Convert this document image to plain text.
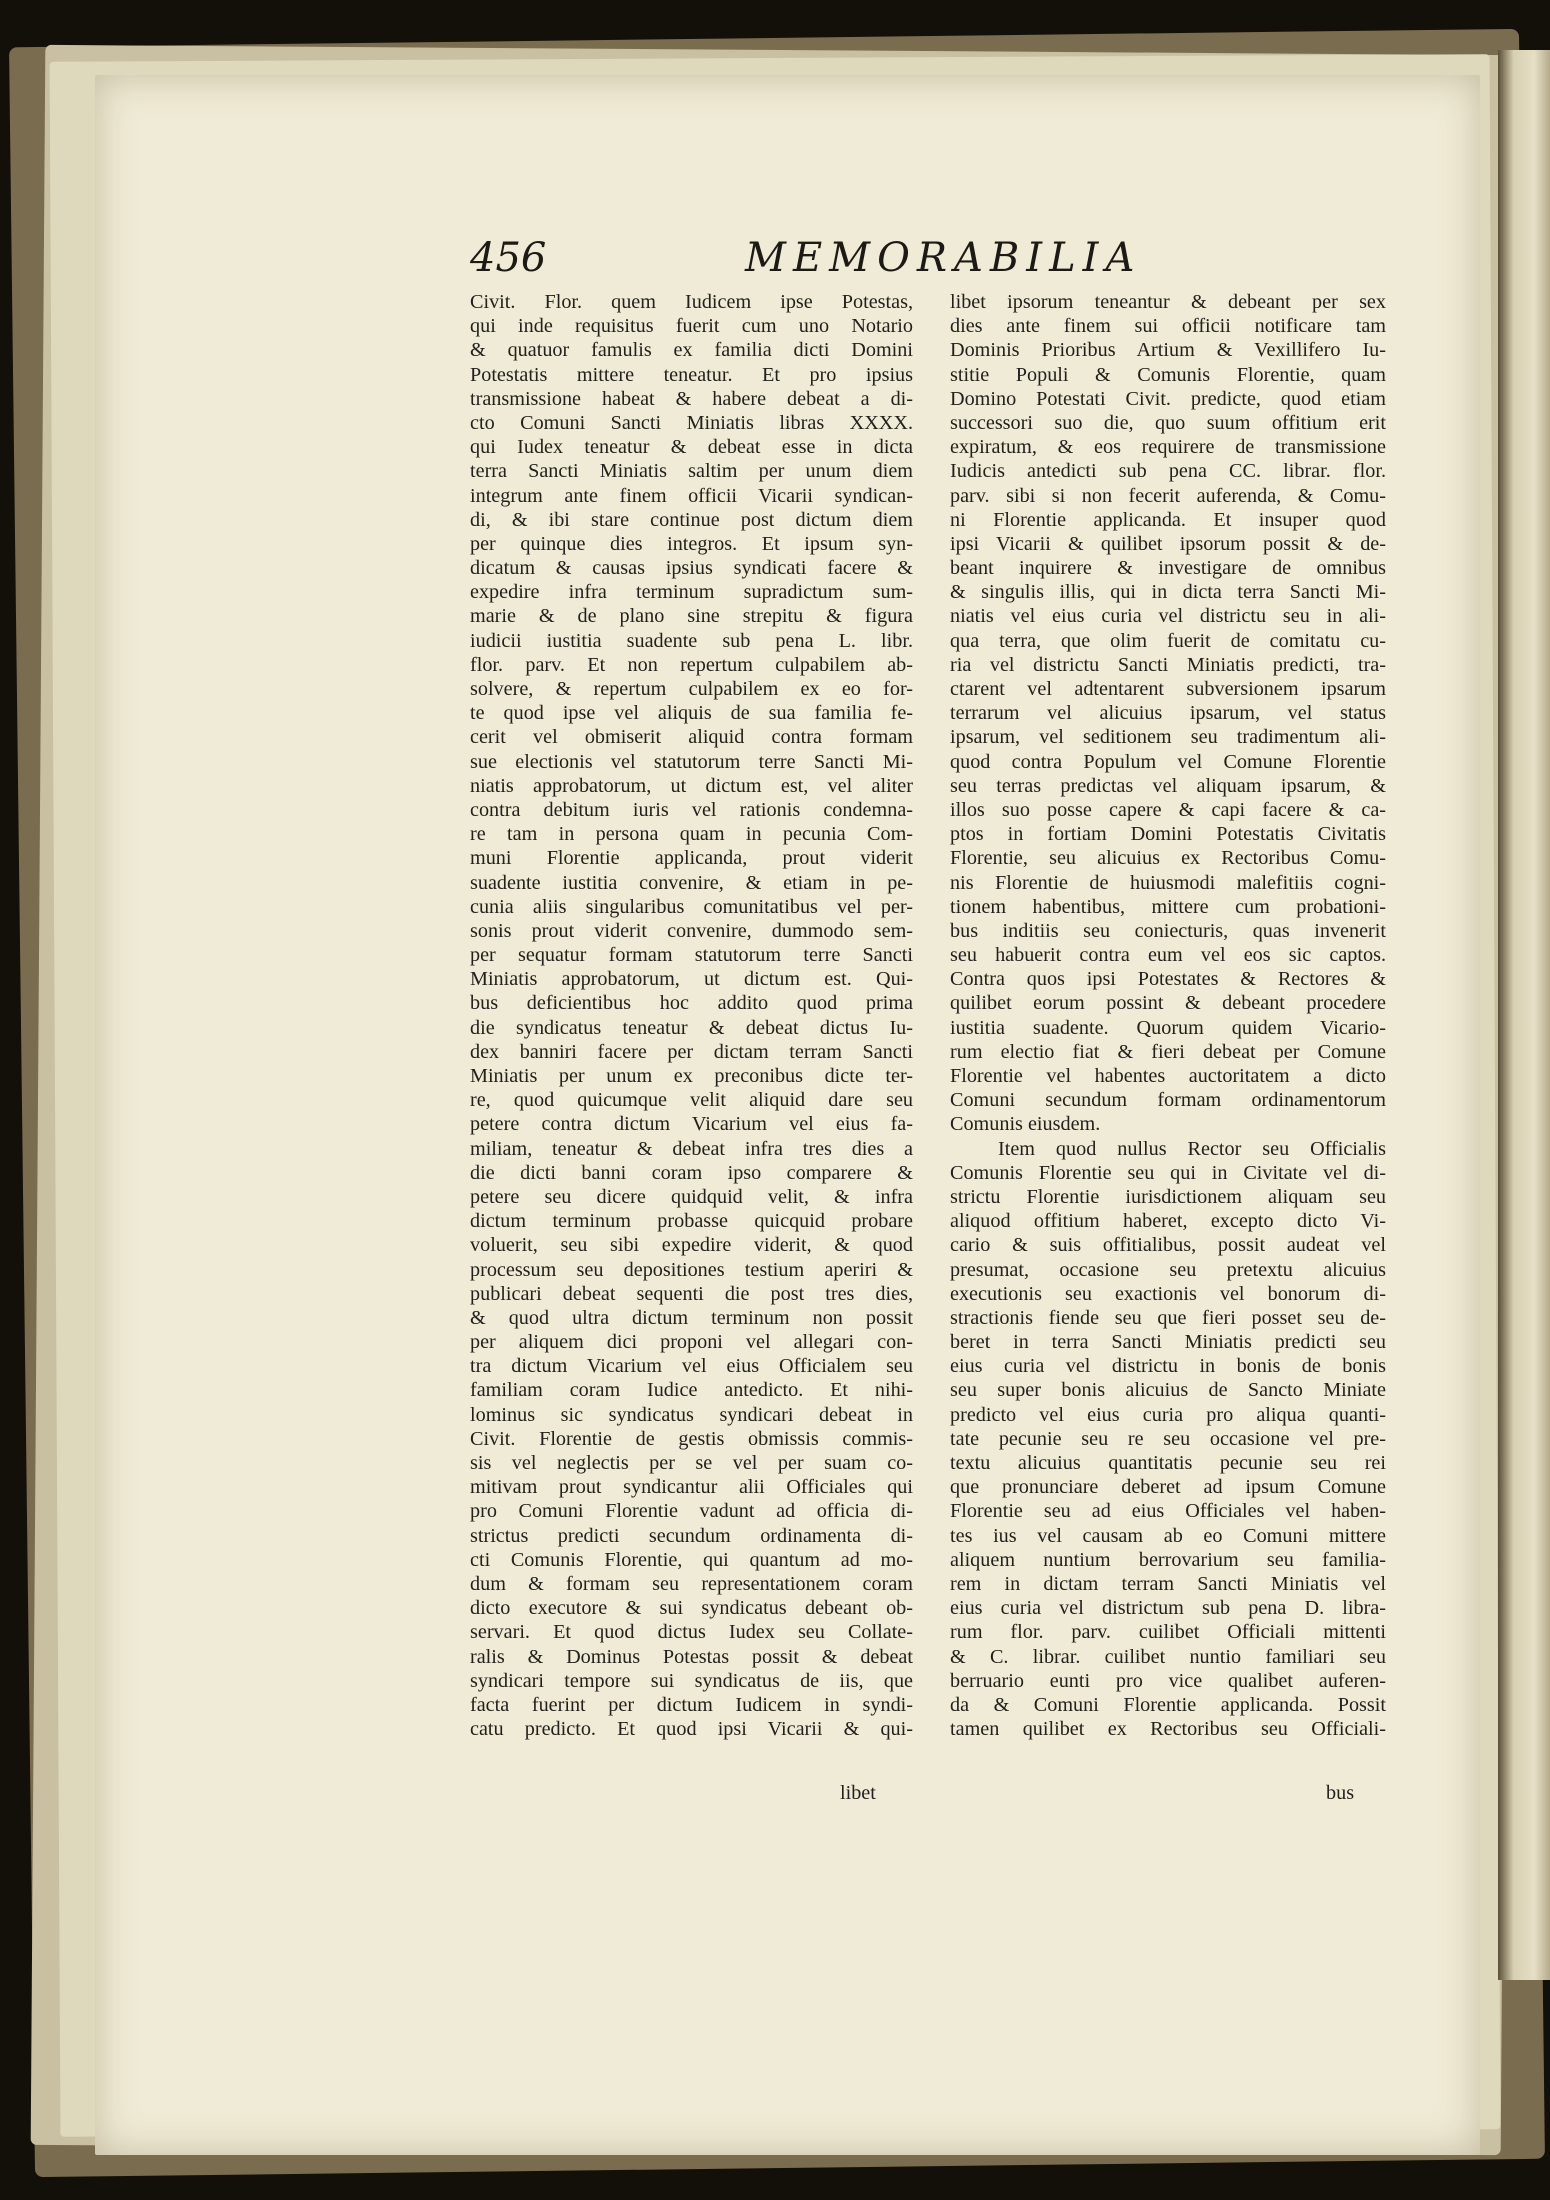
456	MEMORABILIA
Civit. Flor. quem Iudicem ipse Potestas,
qui inde requisitus fuerit cum uno Notario
& quatuor famulis ex familia dicti Domini
Potestatis mittere teneatur. Et pro ipsius
transmissione habeat & habere debeat a di-
cto Comuni Sancti Miniatis libras XXXX.
qui Iudex teneatur & debeat esse in dicta
terra Sancti Miniatis saltim per unum diem
integrum ante finem officii Vicarii syndican-
di, & ibi stare continue post dictum diem
per quinque dies integros. Et ipsum syn-
dicatum & causas ipsius syndicati facere &
expedire infra terminum supradictum sum-
marie & de plano sine strepitu & figura
iudicii iustitia suadente sub pena L. libr.
flor. parv. Et non repertum culpabilem ab-
solvere, & repertum culpabilem ex eo for-
te quod ipse vel aliquis de sua familia fe-
cerit vel obmiserit aliquid contra formam
sue electionis vel statutorum terre Sancti Mi-
niatis approbatorum, ut dictum est, vel aliter
contra debitum iuris vel rationis condemna-
re tam in persona quam in pecunia Com-
muni Florentie applicanda, prout viderit
suadente iustitia convenire, & etiam in pe-
cunia aliis singularibus comunitatibus vel per-
sonis prout viderit convenire, dummodo sem-
per sequatur formam statutorum terre Sancti
Miniatis approbatorum, ut dictum est. Qui-
bus deficientibus hoc addito quod prima
die syndicatus teneatur & debeat dictus Iu-
dex banniri facere per dictam terram Sancti
Miniatis per unum ex preconibus dicte ter-
re, quod quicumque velit aliquid dare seu
petere contra dictum Vicarium vel eius fa-
miliam, teneatur & debeat infra tres dies a
die dicti banni coram ipso comparere &
petere seu dicere quidquid velit, & infra
dictum terminum probasse quicquid probare
voluerit, seu sibi expedire viderit, & quod
processum seu depositiones testium aperiri &
publicari debeat sequenti die post tres dies,
& quod ultra dictum terminum non possit
per aliquem dici proponi vel allegari con-
tra dictum Vicarium vel eius Officialem seu
familiam coram Iudice antedicto. Et nihi-
lominus sic syndicatus syndicari debeat in
Civit. Florentie de gestis obmissis commis-
sis vel neglectis per se vel per suam co-
mitivam prout syndicantur alii Officiales qui
pro Comuni Florentie vadunt ad officia di-
strictus predicti secundum ordinamenta di-
cti Comunis Florentie, qui quantum ad mo-
dum & formam seu representationem coram
dicto executore & sui syndicatus debeant ob-
servari. Et quod dictus Iudex seu Collate-
ralis & Dominus Potestas possit & debeat
syndicari tempore sui syndicatus de iis, que
facta fuerint per dictum Iudicem in syndi-
catu predicto. Et quod ipsi Vicarii & qui-
libet ipsorum teneantur & debeant per sex
dies ante finem sui officii notificare tam
Dominis Prioribus Artium & Vexillifero Iu-
stitie Populi & Comunis Florentie, quam
Domino Potestati Civit. predicte, quod etiam
successori suo die, quo suum offitium erit
expiratum, & eos requirere de transmissione
Iudicis antedicti sub pena CC. librar. flor.
parv. sibi si non fecerit auferenda, & Comu-
ni Florentie applicanda. Et insuper quod
ipsi Vicarii & quilibet ipsorum possit & de-
beant inquirere & investigare de omnibus
& singulis illis, qui in dicta terra Sancti Mi-
niatis vel eius curia vel districtu seu in ali-
qua terra, que olim fuerit de comitatu cu-
ria vel districtu Sancti Miniatis predicti, tra-
ctarent vel adtentarent subversionem ipsarum
terrarum vel alicuius ipsarum, vel status
ipsarum, vel seditionem seu tradimentum ali-
quod contra Populum vel Comune Florentie
seu terras predictas vel aliquam ipsarum, &
illos suo posse capere & capi facere & ca-
ptos in fortiam Domini Potestatis Civitatis
Florentie, seu alicuius ex Rectoribus Comu-
nis Florentie de huiusmodi malefitiis cogni-
tionem habentibus, mittere cum probationi-
bus inditiis seu coniecturis, quas invenerit
seu habuerit contra eum vel eos sic captos.
Contra quos ipsi Potestates & Rectores &
quilibet eorum possint & debeant procedere
iustitia suadente. Quorum quidem Vicario-
rum electio fiat & fieri debeat per Comune
Florentie vel habentes auctoritatem a dicto
Comuni secundum formam ordinamentorum
Comunis eiusdem.
Item quod nullus Rector seu Officialis
Comunis Florentie seu qui in Civitate vel di-
strictu Florentie iurisdictionem aliquam seu
aliquod offitium haberet, excepto dicto Vi-
cario & suis offitialibus, possit audeat vel
presumat, occasione seu pretextu alicuius
executionis seu exactionis vel bonorum di-
stractionis fiende seu que fieri posset seu de-
beret in terra Sancti Miniatis predicti seu
eius curia vel districtu in bonis de bonis
seu super bonis alicuius de Sancto Miniate
predicto vel eius curia pro aliqua quanti-
tate pecunie seu re seu occasione vel pre-
textu alicuius quantitatis pecunie seu rei
que pronunciare deberet ad ipsum Comune
Florentie seu ad eius Officiales vel haben-
tes ius vel causam ab eo Comuni mittere
aliquem nuntium berrovarium seu familia-
rem in dictam terram Sancti Miniatis vel
eius curia vel districtum sub pena D. libra-
rum flor. parv. cuilibet Officiali mittenti
& C. librar. cuilibet nuntio familiari seu
berruario eunti pro vice qualibet auferen-
da & Comuni Florentie applicanda. Possit
tamen quilibet ex Rectoribus seu Officiali-
libet	bus
